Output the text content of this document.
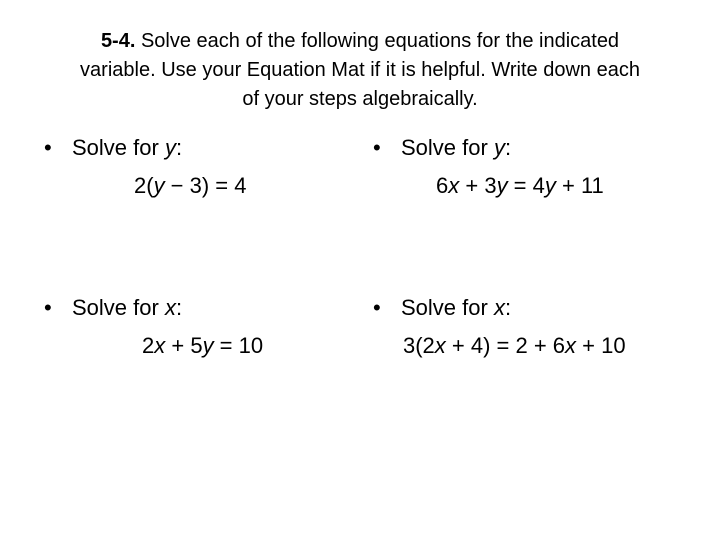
5-4. Solve each of the following equations for the indicated
variable. Use your Equation Mat if it is helpful. Write down each
of your steps algebraically.
• Solve for y:
2(y − 3) = 4
• Solve for y:
6x + 3y = 4y + 11
• Solve for x:
2x + 5y = 10
• Solve for x:
3(2x + 4) = 2 + 6x + 10
